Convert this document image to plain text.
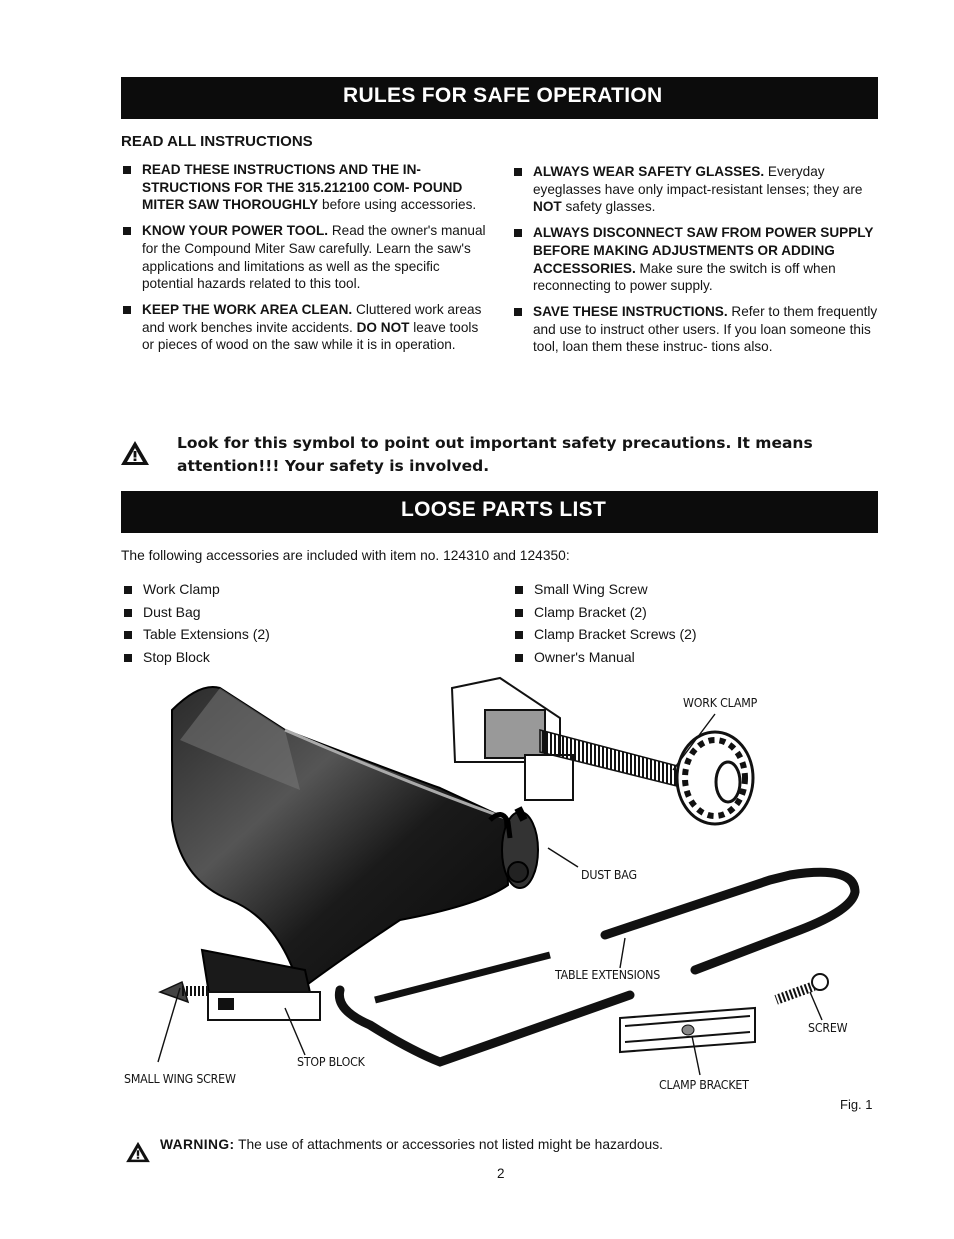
RULES FOR SAFE OPERATION
READ ALL INSTRUCTIONS
READ THESE INSTRUCTIONS AND THE IN- STRUCTIONS FOR THE 315.212100 COM- POUND MITER SAW THOROUGHLY before using accessories.
KNOW YOUR POWER TOOL. Read the owner's manual for the Compound Miter Saw carefully. Learn the saw's applications and limitations as well as the specific potential hazards related to this tool.
KEEP THE WORK AREA CLEAN. Cluttered work areas and work benches invite accidents. DO NOT leave tools or pieces of wood on the saw while it is in operation.
ALWAYS WEAR SAFETY GLASSES. Everyday eyeglasses have only impact-resistant lenses; they are NOT safety glasses.
ALWAYS DISCONNECT SAW FROM POWER SUPPLY BEFORE MAKING ADJUSTMENTS OR ADDING ACCESSORIES. Make sure the switch is off when reconnecting to power supply.
SAVE THESE INSTRUCTIONS. Refer to them frequently and use to instruct other users. If you loan someone this tool, loan them these instruc- tions also.

Look for this symbol to point out important safety precautions. It means attention!!! Your safety is involved.

LOOSE PARTS LIST
The following accessories are included with item no. 124310 and 124350:
Work Clamp
Dust Bag
Table Extensions (2)
Stop Block
Small Wing Screw
Clamp Bracket (2)
Clamp Bracket Screws (2)
Owner's Manual
WORK CLAMP
DUST BAG
TABLE EXTENSIONS
SCREW
STOP BLOCK
SMALL WING SCREW	CLAMP BRACKET
Fig. 1
WARNING: The use of attachments or accessories not listed might be hazardous.
2
